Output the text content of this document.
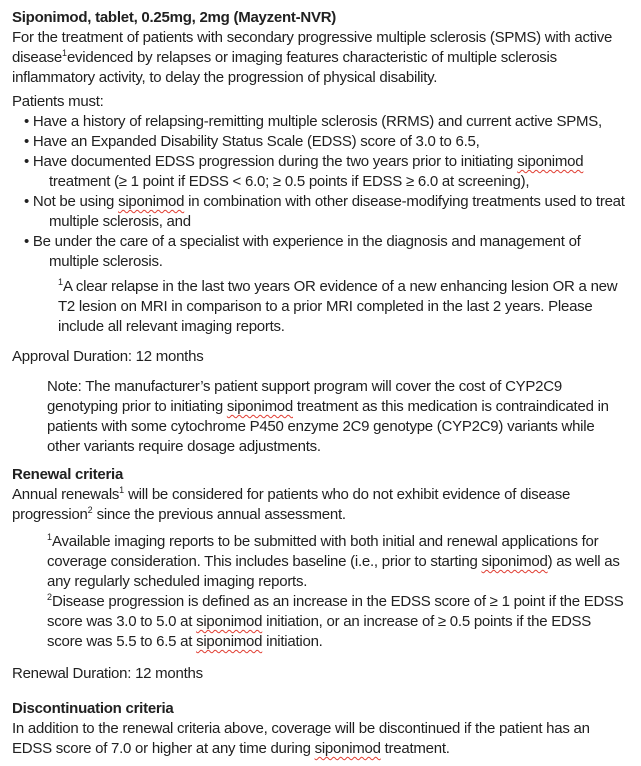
Siponimod, tablet, 0.25mg, 2mg (Mayzent-NVR)

For the treatment of patients with secondary progressive multiple sclerosis (SPMS) with active disease$^1$evidenced by relapses or imaging features characteristic of multiple sclerosis inflammatory activity, to delay the progression of physical disability.

Patients must:

• Have a history of relapsing-remitting multiple sclerosis (RRMS) and current active SPMS,
• Have an Expanded Disability Status Scale (EDSS) score of 3.0 to 6.5,
• Have documented EDSS progression during the two years prior to initiating siponimod treatment (≥ 1 point if EDSS < 6.0; ≥ 0.5 points if EDSS ≥ 6.0 at screening),
• Not be using siponimod in combination with other disease-modifying treatments used to treat multiple sclerosis, and
• Be under the care of a specialist with experience in the diagnosis and management of multiple sclerosis.

$^1$A clear relapse in the last two years OR evidence of a new enhancing lesion OR a new T2 lesion on MRI in comparison to a prior MRI completed in the last 2 years. Please include all relevant imaging reports.

Approval Duration: 12 months

Note: The manufacturer’s patient support program will cover the cost of CYP2C9 genotyping prior to initiating siponimod treatment as this medication is contraindicated in patients with some cytochrome P450 enzyme 2C9 genotype (CYP2C9) variants while other variants require dosage adjustments.

Renewal criteria

Annual renewals$^1$ will be considered for patients who do not exhibit evidence of disease progression$^2$ since the previous annual assessment.

$^1$Available imaging reports to be submitted with both initial and renewal applications for coverage consideration. This includes baseline (i.e., prior to starting siponimod) as well as any regularly scheduled imaging reports.

$^2$Disease progression is defined as an increase in the EDSS score of ≥ 1 point if the EDSS score was 3.0 to 5.0 at siponimod initiation, or an increase of ≥ 0.5 points if the EDSS score was 5.5 to 6.5 at siponimod initiation.

Renewal Duration: 12 months

Discontinuation criteria

In addition to the renewal criteria above, coverage will be discontinued if the patient has an EDSS score of 7.0 or higher at any time during siponimod treatment.
